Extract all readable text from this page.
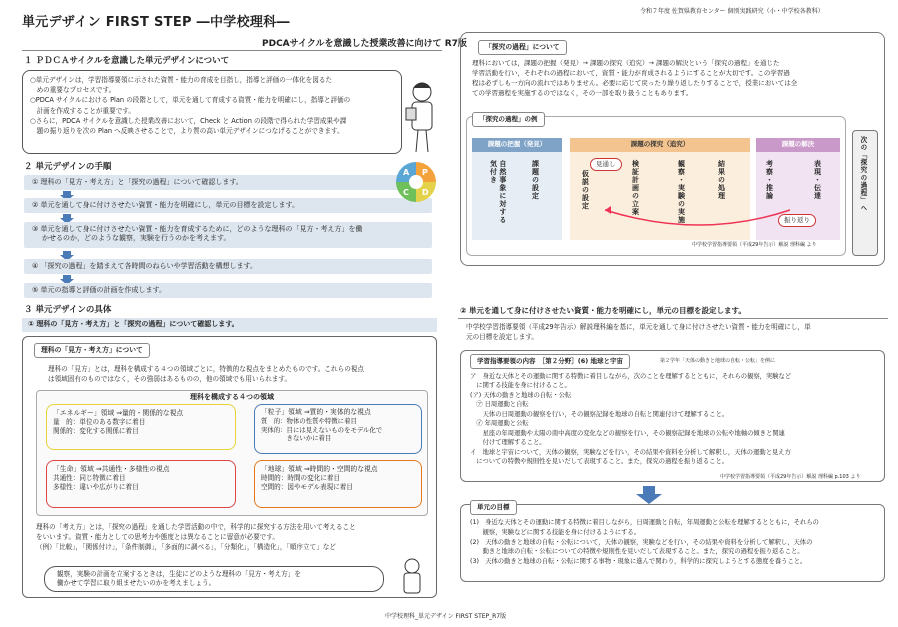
単元デザイン FIRST STEP ―中学校理科―
令和７年度 佐賀県教育センター 個別実践研究（小・中学校各教科）
PDCAサイクルを意識した授業改善に向けて R7版
１ ＰＤＣＡサイクルを意識した単元デザインについて
○単元デザインは，学習指導要領に示された資質・能力の育成を目指し，指導と評価の一体化を図るた
　めの重要なプロセスです。
○PDCA サイクルにおける Plan の段階として，単元を通して育成する資質・能力を明確にし，指導と評価の
　計画を作成することが重要です。
○さらに，PDCA サイクルを意識した授業改善において，Check と Action の段階で得られた学習成果や課
　題の振り返りを次の Plan へ反映させることで，より質の高い単元デザインにつなげることができます。
２ 単元デザインの手順
① 理科の「見方・考え方」と「探究の過程」について確認します。
② 単元を通して身に付けさせたい資質・能力を明確にし，単元の目標を設定します。
③ 単元を通して身に付けさせたい資質・能力を育成するために，どのような理科の「見方・考え方」を働
かせるのか，どのような観察，実験を行うのかを考えます。
④ 「探究の過程」を踏まえて各時間のねらいや学習活動を構想します。
⑤ 単元の指導と評価の計画を作成します。
P
D
C
A
３ 単元デザインの具体
① 理科の「見方・考え方」と「探究の過程」について確認します。
理科の「見方・考え方」について
理科の「見方」とは，理科を構成する４つの領域ごとに，特徴的な視点をまとめたものです。これらの視点
は領域固有のものではなく，その強弱はあるものの，他の領域でも用いられます。
理科を構成する４つの領域
「エネルギー」領域 ⇒量的・関係的な視点
量　的：単位のある数字に着目
関係的：変化する関係に着目
「粒子」領域 ⇒質的・実体的な視点
質　的：物体の性質や特徴に着目
実体的：目には見えないものをモデル化で
　　　　きないかに着目
「生命」領域 ⇒共通性・多様性の視点
共通性：同じ特徴に着目
多様性：違いや広がりに着目
「地球」領域 ⇒時間的・空間的な視点
時間的：時間の変化に着目
空間的：図やモデル表現に着目
理科の「考え方」とは，「探究の過程」を通した学習活動の中で，科学的に探究する方法を用いて考えること
をいいます。資質・能力としての思考力や態度とは異なることに留意が必要です。
（例）「比較」，「関係付け」，「条件制御」，「多面的に調べる」，「分類化」，「構造化」，「順序立て」など
観察，実験の計画を立案するときは，生徒にどのような理科の「見方・考え方」を
働かせて学習に取り組ませたいのかを考えましょう。
「探究の過程」について
理科においては，課題の把握（発見）→ 課題の探究（追究）→ 課題の解決という「探究の過程」を通じた
学習活動を行い，それぞれの過程において，資質・能力が育成されるようにすることが大切です。この学習過
程は必ずしも一方向の流れではありません。必要に応じて戻ったり繰り返したりすることで，授業においては全
ての学習過程を実施するのではなく，その一部を取り扱うこともあります。
「探究の過程」の例
課題の把握（発見）	課題の探究（追究）	課題の解決
自然事象に対する気付き	課題の設定	仮説の設定	検証計画の立案	観察・実験の実施	結果の処理	考察・推論	表現・伝達
見通し
振り返り
次の「探究の過程」へ
中学校学習指導要領（平成29年告示）解説 理科編 より
② 単元を通して身に付けさせたい資質・能力を明確にし，単元の目標を設定します。
中学校学習指導要領（平成29年告示）解説理科編を基に，単元を通して身に付けさせたい資質・能力を明確にし，単
元の目標を設定します。
学習指導要領の内容　［第２分野］(6) 地球と宇宙	第２学年「天体の動きと地球の自転・公転」を例に
ア　身近な天体とその運動に関する特徴に着目しながら，次のことを理解するとともに，それらの観察，実験など
　に関する技能を身に付けること。
(ア) 天体の動きと地球の自転・公転
　㋐ 日周運動と自転
　　天体の日周運動の観察を行い，その観察記録を地球の自転と関連付けて理解すること。
　㋑ 年周運動と公転
　　星座の年周運動や太陽の南中高度の変化などの観察を行い，その観察記録を地球の公転や地軸の傾きと関連
　　付けて理解すること。
イ　地球と宇宙について，天体の観察，実験などを行い，その結果や資料を分析して解釈し，天体の運動と見え方
　についての特徴や規則性を見いだして表現すること。また，探究の過程を振り返ること。
中学校学習指導要領（平成29年告示）解説 理科編 p.103 より
単元の目標
(1)　身近な天体とその運動に関する特徴に着目しながら，日周運動と自転，年周運動と公転を理解するとともに，それらの
　　観察，実験などに関する技能を身に付けるようにする。
(2)　天体の動きと地球の自転・公転について，天体の観察，実験などを行い，その結果や資料を分析して解釈し，天体の
　　動きと地球の自転・公転についての特徴や規則性を見いだして表現すること。また，探究の過程を振り返ること。
(3)　天体の動きと地球の自転・公転に関する事物・現象に進んで関わり，科学的に探究しようとする態度を養うこと。
中学校理科_単元デザイン FIRST STEP_R7版
